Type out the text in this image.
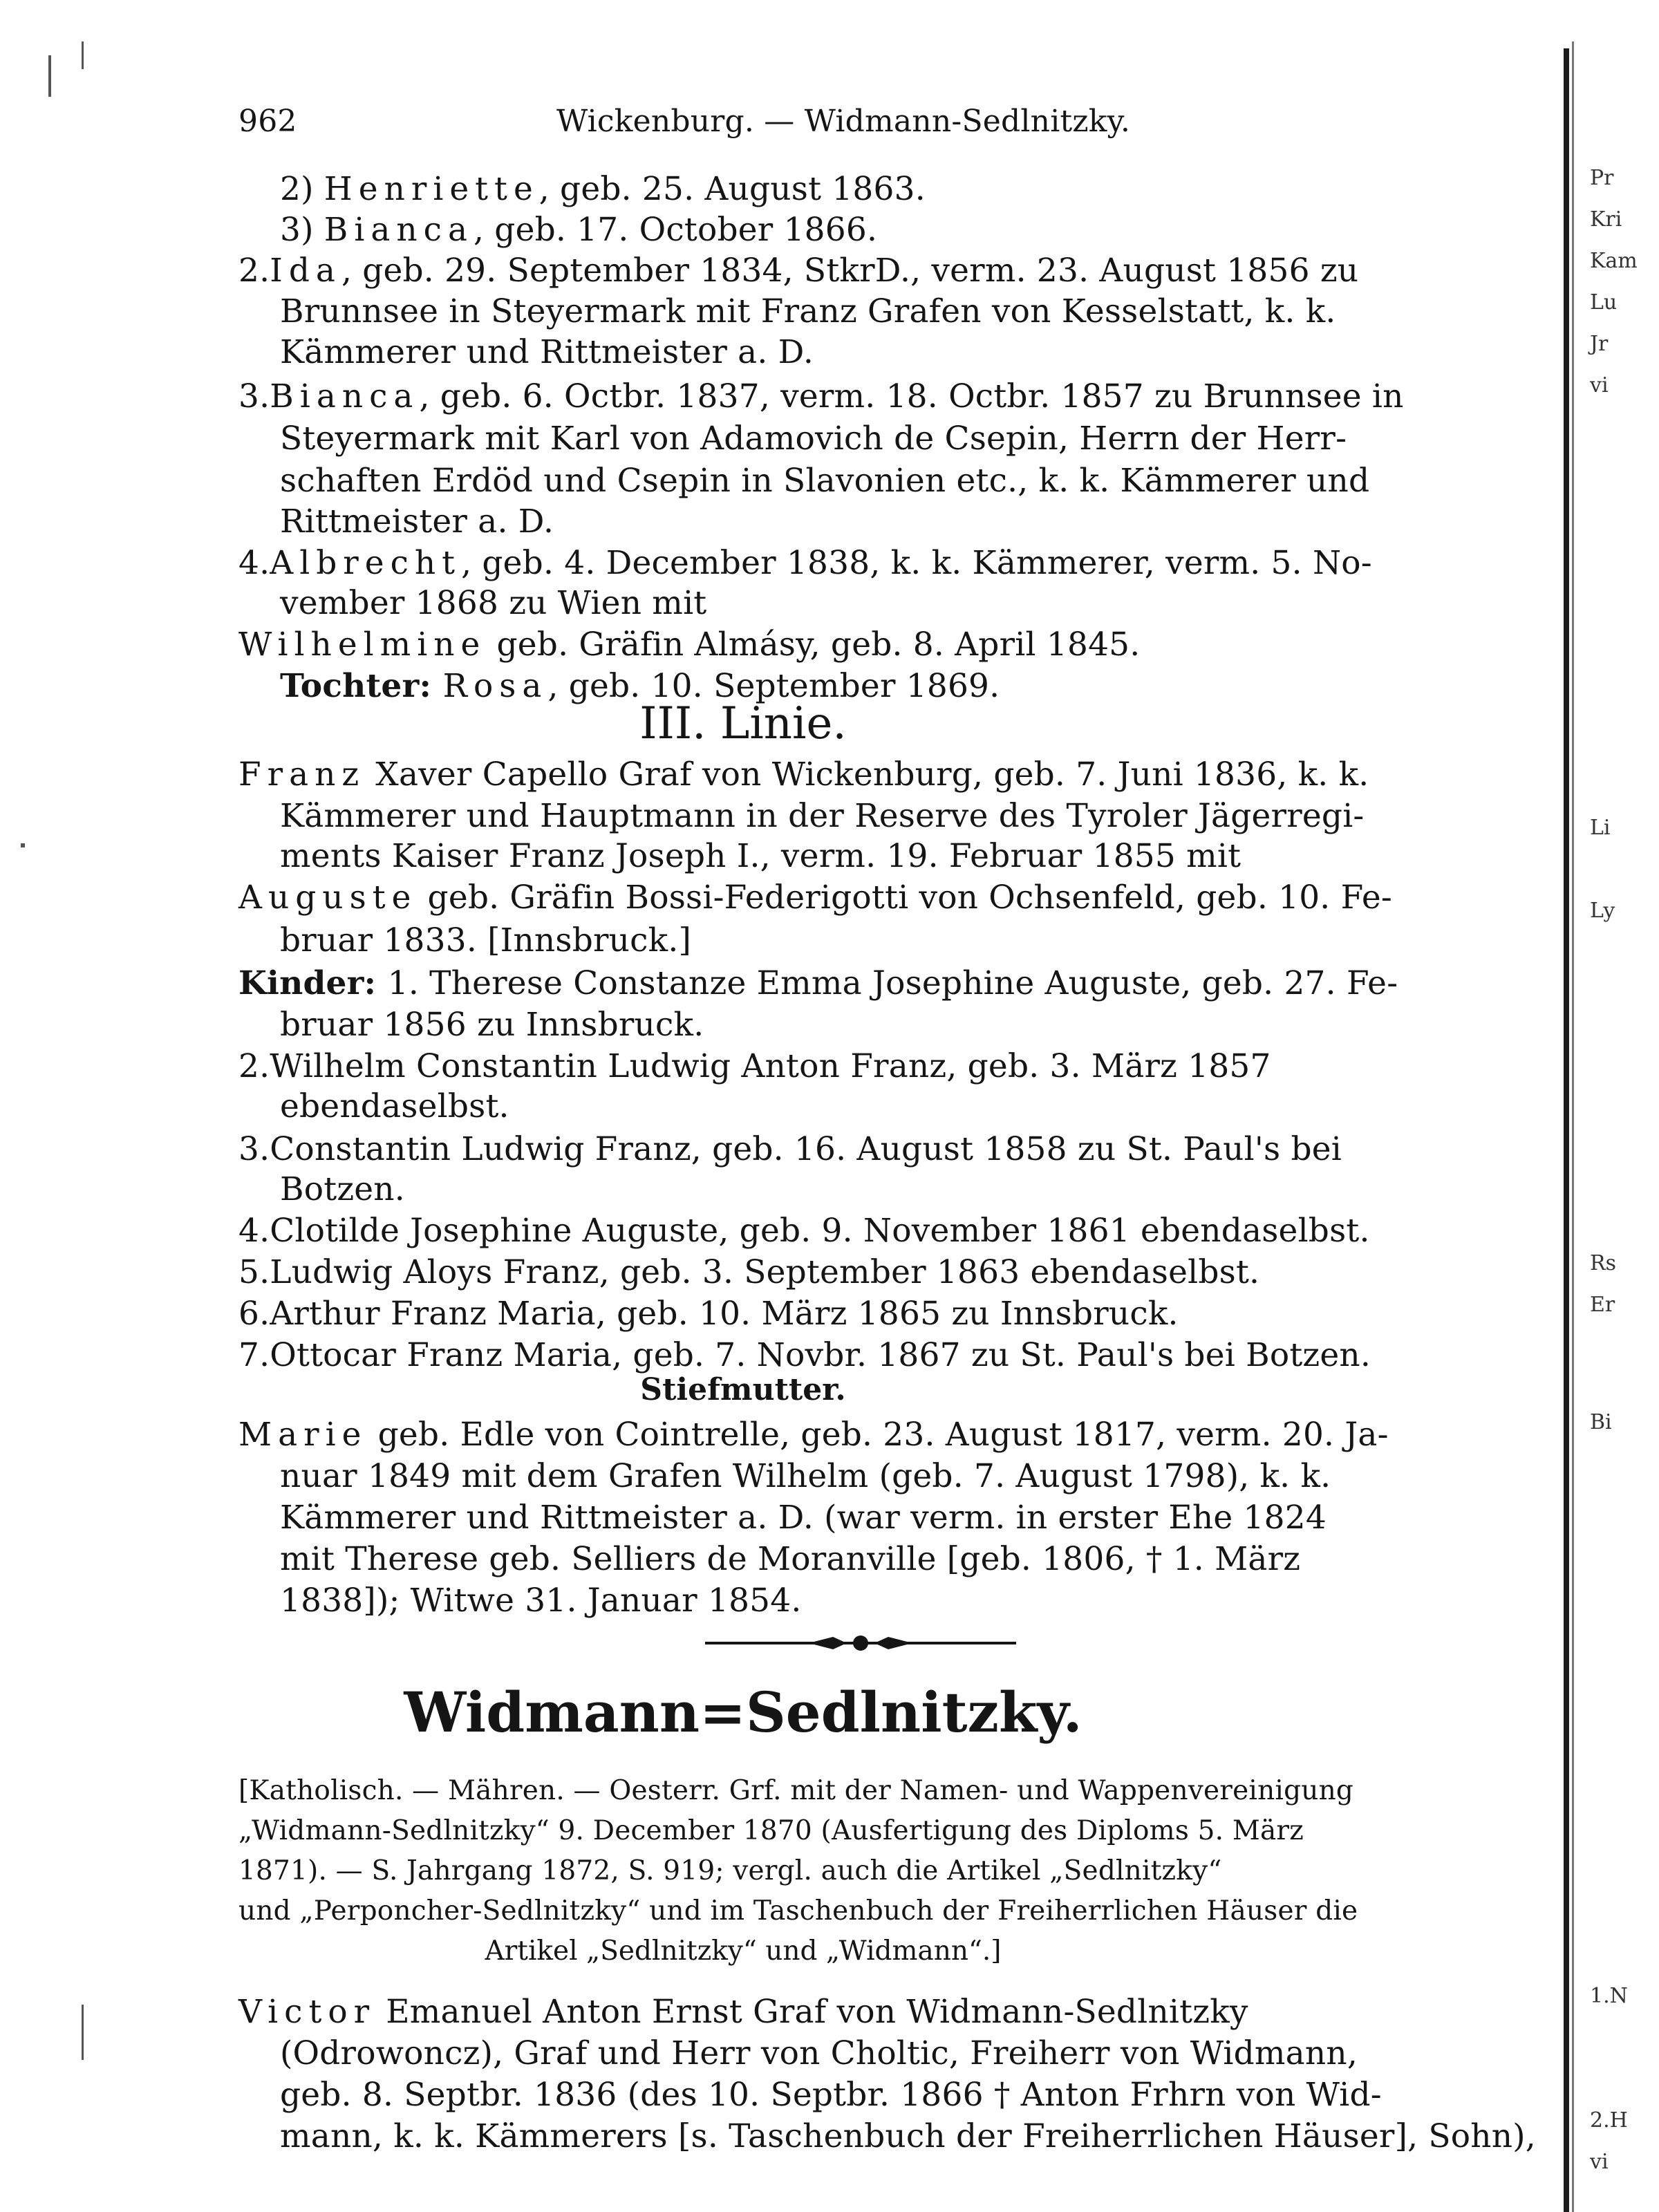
962	Wickenburg. — Widmann-Sedlnitzky.
2) Henriette, geb. 25. August 1863.
3) Bianca, geb. 17. October 1866.
2.Ida, geb. 29. September 1834, StkrD., verm. 23. August 1856 zu
Brunnsee in Steyermark mit Franz Grafen von Kesselstatt, k. k.
Kämmerer und Rittmeister a. D.
3.Bianca, geb. 6. Octbr. 1837, verm. 18. Octbr. 1857 zu Brunnsee in
Steyermark mit Karl von Adamovich de Csepin, Herrn der Herr-
schaften Erdöd und Csepin in Slavonien etc., k. k. Kämmerer und
Rittmeister a. D.
4.Albrecht, geb. 4. December 1838, k. k. Kämmerer, verm. 5. No-
vember 1868 zu Wien mit
Wilhelmine geb. Gräfin Almásy, geb. 8. April 1845.
Tochter: Rosa, geb. 10. September 1869.
III. Linie.
Franz Xaver Capello Graf von Wickenburg, geb. 7. Juni 1836, k. k.
Kämmerer und Hauptmann in der Reserve des Tyroler Jägerregi-
ments Kaiser Franz Joseph I., verm. 19. Februar 1855 mit
Auguste geb. Gräfin Bossi-Federigotti von Ochsenfeld, geb. 10. Fe-
bruar 1833. [Innsbruck.]
Kinder: 1. Therese Constanze Emma Josephine Auguste, geb. 27. Fe-
bruar 1856 zu Innsbruck.
2.Wilhelm Constantin Ludwig Anton Franz, geb. 3. März 1857
ebendaselbst.
3.Constantin Ludwig Franz, geb. 16. August 1858 zu St. Paul's bei
Botzen.
4.Clotilde Josephine Auguste, geb. 9. November 1861 ebendaselbst.
5.Ludwig Aloys Franz, geb. 3. September 1863 ebendaselbst.
6.Arthur Franz Maria, geb. 10. März 1865 zu Innsbruck.
7.Ottocar Franz Maria, geb. 7. Novbr. 1867 zu St. Paul's bei Botzen.
Stiefmutter.
Marie geb. Edle von Cointrelle, geb. 23. August 1817, verm. 20. Ja-
nuar 1849 mit dem Grafen Wilhelm (geb. 7. August 1798), k. k.
Kämmerer und Rittmeister a. D. (war verm. in erster Ehe 1824
mit Therese geb. Selliers de Moranville [geb. 1806, † 1. März
1838]); Witwe 31. Januar 1854.
Widmann=Sedlnitzky.
[Katholisch. — Mähren. — Oesterr. Grf. mit der Namen- und Wappenvereinigung
„Widmann-Sedlnitzky“ 9. December 1870 (Ausfertigung des Diploms 5. März
1871). — S. Jahrgang 1872, S. 919; vergl. auch die Artikel „Sedlnitzky“
und „Perponcher-Sedlnitzky“ und im Taschenbuch der Freiherrlichen Häuser die
Artikel „Sedlnitzky“ und „Widmann“.]
Victor Emanuel Anton Ernst Graf von Widmann-Sedlnitzky
(Odrowoncz), Graf und Herr von Choltic, Freiherr von Widmann,
geb. 8. Septbr. 1836 (des 10. Septbr. 1866 † Anton Frhrn von Wid-
mann, k. k. Kämmerers [s. Taschenbuch der Freiherrlichen Häuser], Sohn),
Pr
Kri
Kam
Lu
Jr
vi
Li
Ly
Rs
Er
Bi
1.N
2.H
vi
